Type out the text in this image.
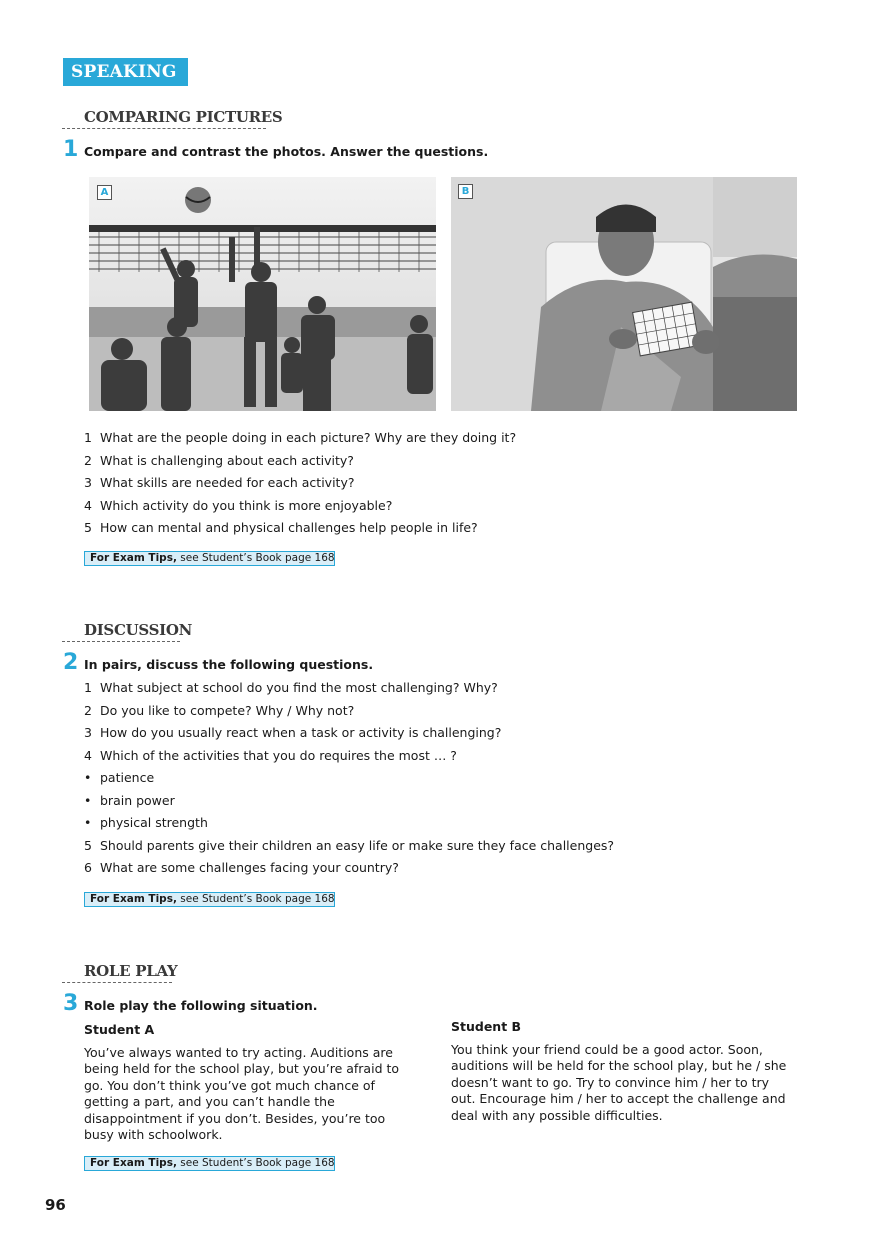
SPEAKING 2
COMPARING PICTURES
1 Compare and contrast the photos. Answer the questions.
A	B
1 What are the people doing in each picture? Why are they doing it?
2 What is challenging about each activity?
3 What skills are needed for each activity?
4 Which activity do you think is more enjoyable?
5 How can mental and physical challenges help people in life?
For Exam Tips, see Student’s Book page 168
DISCUSSION
2 In pairs, discuss the following questions.
1 What subject at school do you find the most challenging? Why?
2 Do you like to compete? Why / Why not?
3 How do you usually react when a task or activity is challenging?
4 Which of the activities that you do requires the most … ?
• patience
• brain power
• physical strength
5 Should parents give their children an easy life or make sure they face challenges?
6 What are some challenges facing your country?
For Exam Tips, see Student’s Book page 168
ROLE PLAY
3 Role play the following situation.
Student A
You’ve always wanted to try acting. Auditions are
being held for the school play, but you’re afraid to
go. You don’t think you’ve got much chance of
getting a part, and you can’t handle the
disappointment if you don’t. Besides, you’re too
busy with schoolwork.
Student B
You think your friend could be a good actor. Soon,
auditions will be held for the school play, but he / she
doesn’t want to go. Try to convince him / her to try
out. Encourage him / her to accept the challenge and
deal with any possible difficulties.
For Exam Tips, see Student’s Book page 168
96
